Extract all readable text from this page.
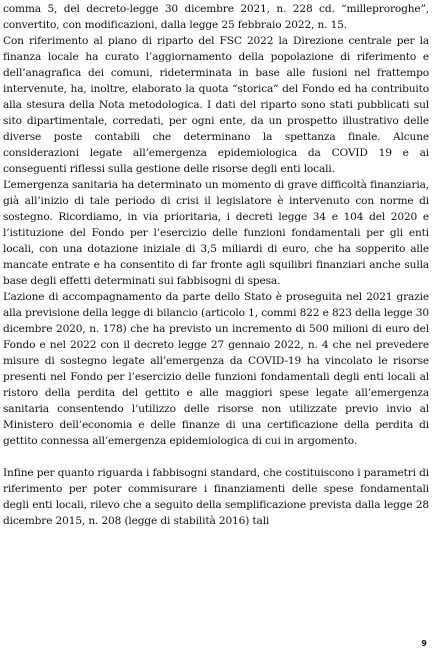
comma 5, del decreto-legge 30 dicembre 2021, n. 228 cd. “milleproroghe”, convertito, con modificazioni, dalla legge 25 febbraio 2022, n. 15.

Con riferimento al piano di riparto del FSC 2022 la Direzione centrale per la finanza locale ha curato l’aggiornamento della popolazione di riferimento e dell’anagrafica dei comuni, rideterminata in base alle fusioni nel frattempo intervenute, ha, inoltre, elaborato la quota “storica” del Fondo ed ha contribuito alla stesura della Nota metodologica. I dati del riparto sono stati pubblicati sul sito dipartimentale, corredati, per ogni ente, da un prospetto illustrativo delle diverse poste contabili che determinano la spettanza finale. Alcune considerazioni legate all’emergenza epidemiologica da COVID 19 e ai conseguenti riflessi sulla gestione delle risorse degli enti locali.

L’emergenza sanitaria ha determinato un momento di grave difficoltà finanziaria, già all’inizio di tale periodo di crisi il legislatore è intervenuto con norme di sostegno. Ricordiamo, in via prioritaria, i decreti legge 34 e 104 del 2020 e l’istituzione del Fondo per l’esercizio delle funzioni fondamentali per gli enti locali, con una dotazione iniziale di 3,5 miliardi di euro, che ha sopperito alle mancate entrate e ha consentito di far fronte agli squilibri finanziari anche sulla base degli effetti determinati sui fabbisogni di spesa.

L’azione di accompagnamento da parte dello Stato è proseguita nel 2021 grazie alla previsione della legge di bilancio (articolo 1, commi 822 e 823 della legge 30 dicembre 2020, n. 178) che ha previsto un incremento di 500 milioni di euro del Fondo e nel 2022 con il decreto legge 27 gennaio 2022, n. 4 che nel prevedere misure di sostegno legate all’emergenza da COVID-19 ha vincolato le risorse presenti nel Fondo per l’esercizio delle funzioni fondamentali degli enti locali al ristoro della perdita del gettito e alle maggiori spese legate all’emergenza sanitaria consentendo l’utilizzo delle risorse non utilizzate previo invio al Ministero dell’economia e delle finanze di una certificazione della perdita di gettito connessa all’emergenza epidemiologica di cui in argomento.

Infine per quanto riguarda i fabbisogni standard, che costituiscono i parametri di riferimento per poter commisurare i finanziamenti delle spese fondamentali degli enti locali, rilevo che a seguito della semplificazione prevista dalla legge 28 dicembre 2015, n. 208 (legge di stabilità 2016) tali

9
